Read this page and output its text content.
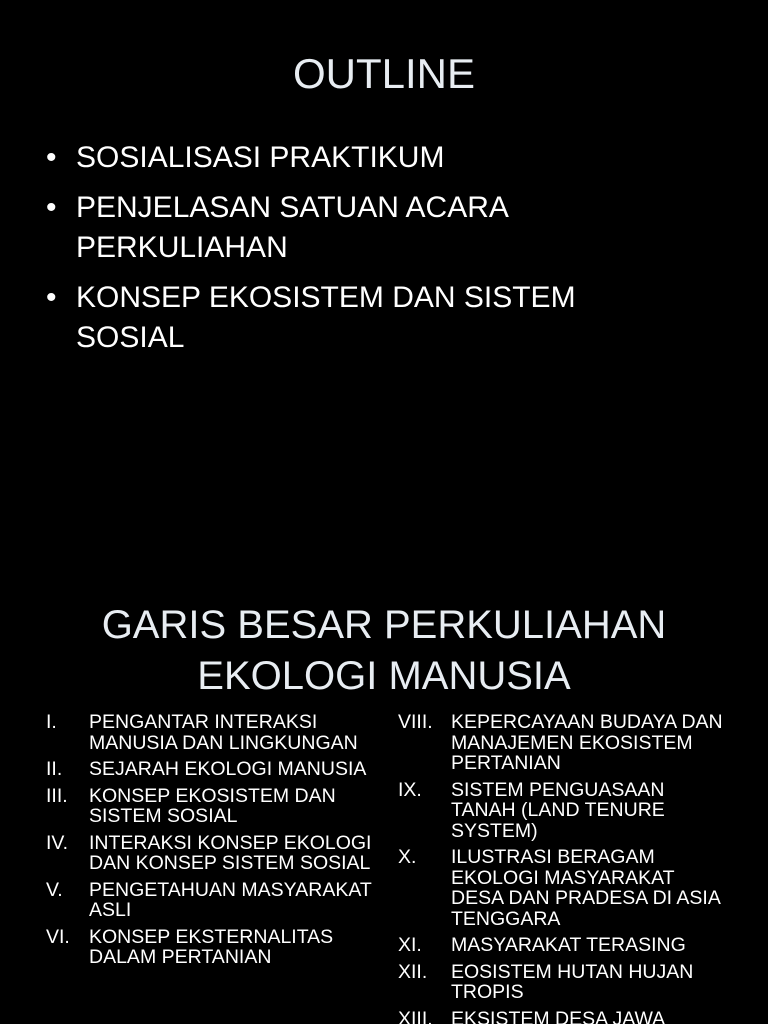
OUTLINE
• SOSIALISASI PRAKTIKUM
• PENJELASAN SATUAN ACARA PERKULIAHAN
• KONSEP EKOSISTEM DAN SISTEM SOSIAL
GARIS BESAR PERKULIAHAN
EKOLOGI MANUSIA
I.	PENGANTAR INTERAKSI MANUSIA DAN LINGKUNGAN
II.	SEJARAH EKOLOGI MANUSIA
III.	KONSEP EKOSISTEM DAN SISTEM SOSIAL
IV.	INTERAKSI KONSEP EKOLOGI DAN KONSEP SISTEM SOSIAL
V.	PENGETAHUAN MASYARAKAT ASLI
VI. KONSEP EKSTERNALITAS DALAM PERTANIAN
VIII. KEPERCAYAAN BUDAYA DAN MANAJEMEN EKOSISTEM PERTANIAN
IX.	SISTEM PENGUASAAN TANAH (LAND TENURE SYSTEM)
X.	ILUSTRASI BERAGAM EKOLOGI MASYARAKAT DESA DAN PRADESA DI ASIA TENGGARA
XI.	MASYARAKAT TERASING
XII.	EOSISTEM HUTAN HUJAN TROPIS
XIII. EKSISTEM DESA JAWA
